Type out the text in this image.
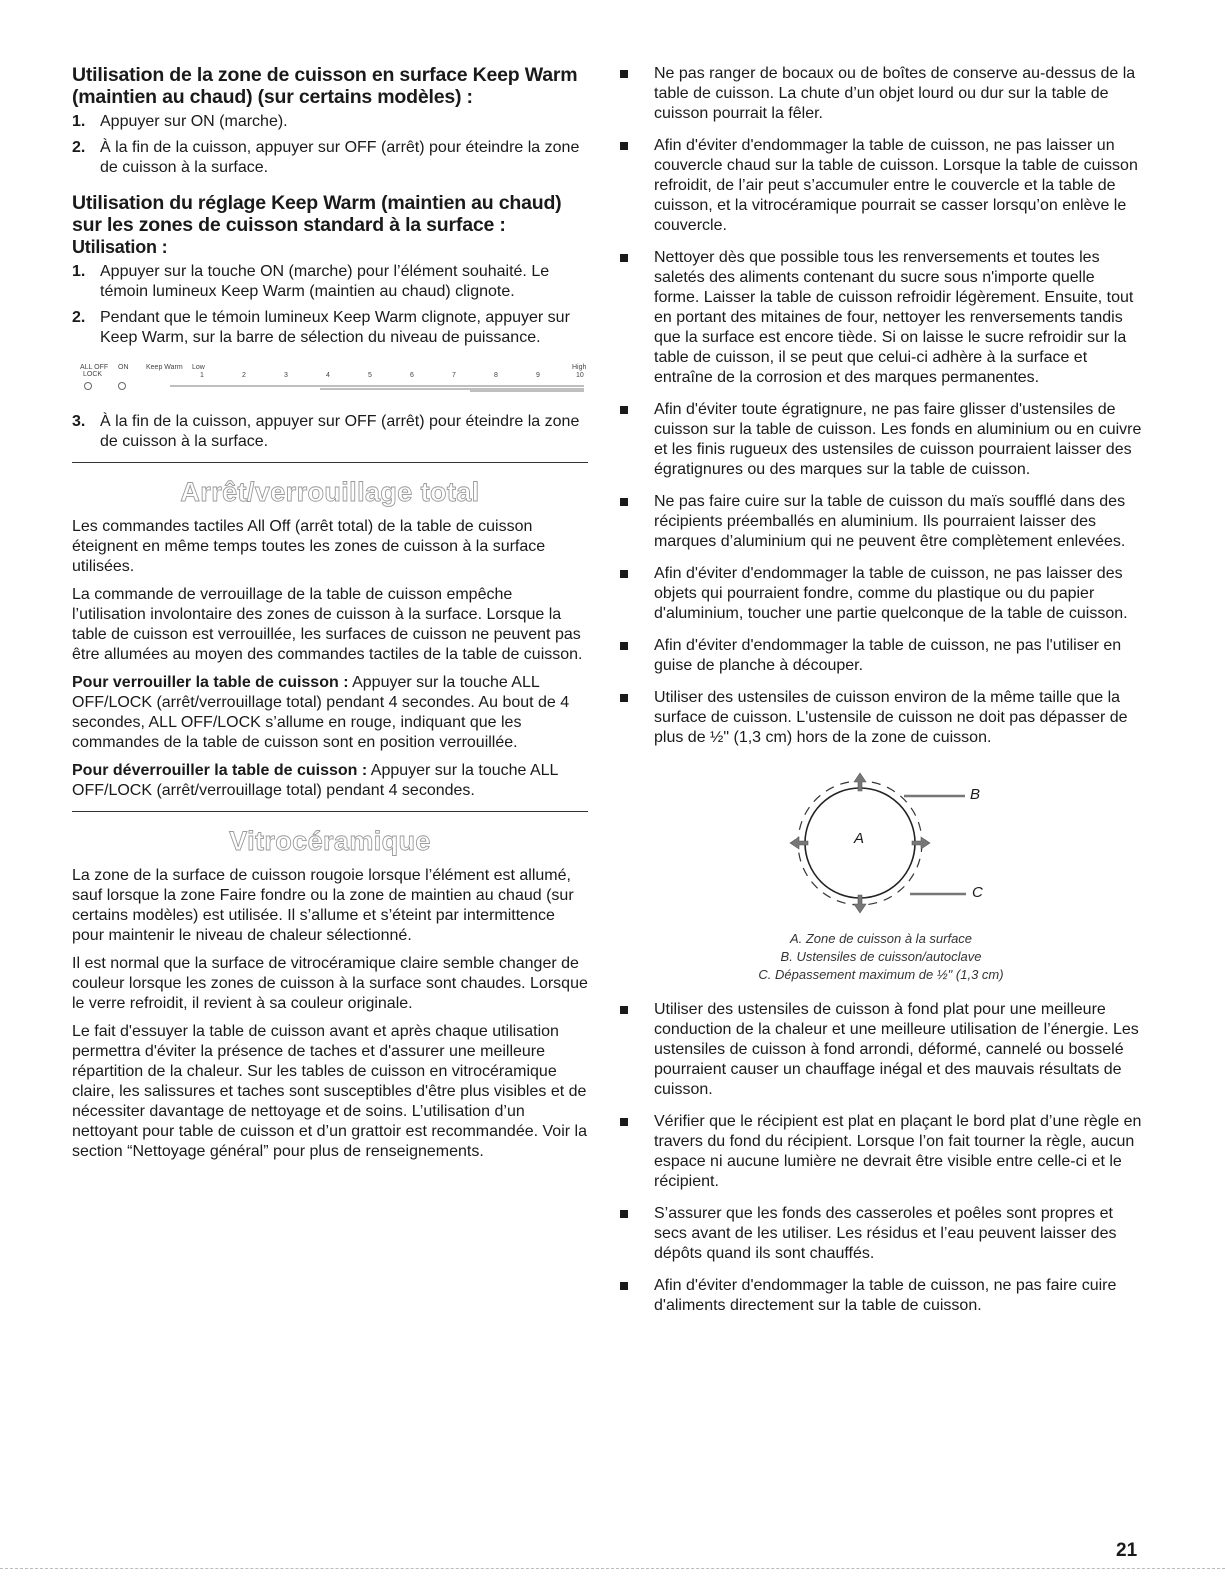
Utilisation de la zone de cuisson en surface Keep Warm (maintien au chaud) (sur certains modèles) :
1. Appuyer sur ON (marche).
2. À la fin de la cuisson, appuyer sur OFF (arrêt) pour éteindre la zone de cuisson à la surface.
Utilisation du réglage Keep Warm (maintien au chaud) sur les zones de cuisson standard à la surface :
Utilisation :
1. Appuyer sur la touche ON (marche) pour l’élément souhaité. Le témoin lumineux Keep Warm (maintien au chaud) clignote.
2. Pendant que le témoin lumineux Keep Warm clignote, appuyer sur Keep Warm, sur la barre de sélection du niveau de puissance.
ALL OFF
LOCK
ON	Keep Warm Low	High
1	2	3	4	5	6	7	8	9	10
3. À la fin de la cuisson, appuyer sur OFF (arrêt) pour éteindre la zone de cuisson à la surface.
Arrêt/verrouillage total

Les commandes tactiles All Off (arrêt total) de la table de cuisson éteignent en même temps toutes les zones de cuisson à la surface utilisées.

La commande de verrouillage de la table de cuisson empêche l’utilisation involontaire des zones de cuisson à la surface. Lorsque la table de cuisson est verrouillée, les surfaces de cuisson ne peuvent pas être allumées au moyen des commandes tactiles de la table de cuisson.

Pour verrouiller la table de cuisson : Appuyer sur la touche ALL OFF/LOCK (arrêt/verrouillage total) pendant 4 secondes. Au bout de 4 secondes, ALL OFF/LOCK s’allume en rouge, indiquant que les commandes de la table de cuisson sont en position verrouillée.

Pour déverrouiller la table de cuisson : Appuyer sur la touche ALL OFF/LOCK (arrêt/verrouillage total) pendant 4 secondes.

Vitrocéramique

La zone de la surface de cuisson rougoie lorsque l’élément est allumé, sauf lorsque la zone Faire fondre ou la zone de maintien au chaud (sur certains modèles) est utilisée. Il s’allume et s’éteint par intermittence pour maintenir le niveau de chaleur sélectionné.

Il est normal que la surface de vitrocéramique claire semble changer de couleur lorsque les zones de cuisson à la surface sont chaudes. Lorsque le verre refroidit, il revient à sa couleur originale.

Le fait d'essuyer la table de cuisson avant et après chaque utilisation permettra d'éviter la présence de taches et d'assurer une meilleure répartition de la chaleur. Sur les tables de cuisson en vitrocéramique claire, les salissures et taches sont susceptibles d'être plus visibles et de nécessiter davantage de nettoyage et de soins. L’utilisation d’un nettoyant pour table de cuisson et d’un grattoir est recommandée. Voir la section “Nettoyage général” pour plus de renseignements.

Ne pas ranger de bocaux ou de boîtes de conserve au-dessus de la table de cuisson. La chute d’un objet lourd ou dur sur la table de cuisson pourrait la fêler.
Afin d'éviter d'endommager la table de cuisson, ne pas laisser un couvercle chaud sur la table de cuisson. Lorsque la table de cuisson refroidit, de l’air peut s’accumuler entre le couvercle et la table de cuisson, et la vitrocéramique pourrait se casser lorsqu’on enlève le couvercle.
Nettoyer dès que possible tous les renversements et toutes les saletés des aliments contenant du sucre sous n'importe quelle forme. Laisser la table de cuisson refroidir légèrement. Ensuite, tout en portant des mitaines de four, nettoyer les renversements tandis que la surface est encore tiède. Si on laisse le sucre refroidir sur la table de cuisson, il se peut que celui-ci adhère à la surface et entraîne de la corrosion et des marques permanentes.
Afin d'éviter toute égratignure, ne pas faire glisser d'ustensiles de cuisson sur la table de cuisson. Les fonds en aluminium ou en cuivre et les finis rugueux des ustensiles de cuisson pourraient laisser des égratignures ou des marques sur la table de cuisson.
Ne pas faire cuire sur la table de cuisson du maïs soufflé dans des récipients préemballés en aluminium. Ils pourraient laisser des marques d’aluminium qui ne peuvent être complètement enlevées.
Afin d'éviter d'endommager la table de cuisson, ne pas laisser des objets qui pourraient fondre, comme du plastique ou du papier d'aluminium, toucher une partie quelconque de la table de cuisson.
Afin d'éviter d'endommager la table de cuisson, ne pas l'utiliser en guise de planche à découper.
Utiliser des ustensiles de cuisson environ de la même taille que la surface de cuisson. L'ustensile de cuisson ne doit pas dépasser de plus de ½" (1,3 cm) hors de la zone de cuisson.
A
B
C
A. Zone de cuisson à la surface
B. Ustensiles de cuisson/autoclave
C. Dépassement maximum de ½" (1,3 cm)
Utiliser des ustensiles de cuisson à fond plat pour une meilleure conduction de la chaleur et une meilleure utilisation de l’énergie. Les ustensiles de cuisson à fond arrondi, déformé, cannelé ou bosselé pourraient causer un chauffage inégal et des mauvais résultats de cuisson.
Vérifier que le récipient est plat en plaçant le bord plat d’une règle en travers du fond du récipient. Lorsque l’on fait tourner la règle, aucun espace ni aucune lumière ne devrait être visible entre celle-ci et le récipient.
S’assurer que les fonds des casseroles et poêles sont propres et secs avant de les utiliser. Les résidus et l’eau peuvent laisser des dépôts quand ils sont chauffés.
Afin d'éviter d'endommager la table de cuisson, ne pas faire cuire d'aliments directement sur la table de cuisson.
21
